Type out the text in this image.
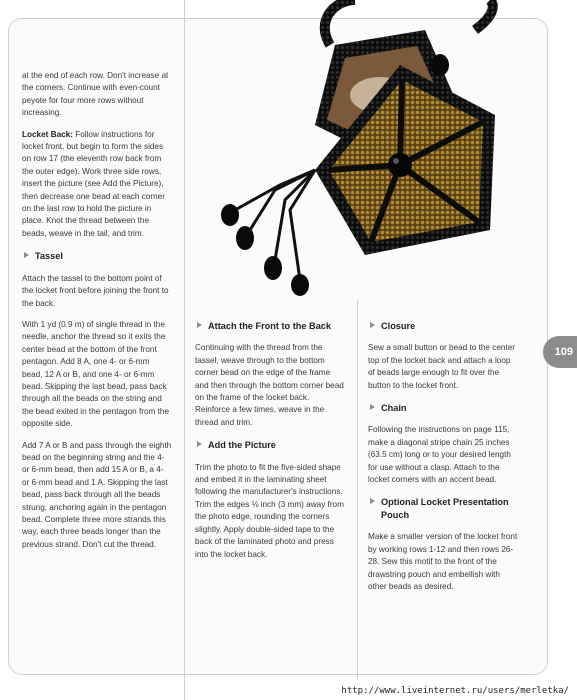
109

at the end of each row. Don't increase at the corners. Continue with even-count peyote for four more rows without increasing.

Locket Back: Follow instructions for locket front, but begin to form the sides on row 17 (the eleventh row back from the outer edge). Work three side rows, insert the picture (see Add the Picture), then decrease one bead at each corner on the last row to hold the picture in place. Knot the thread between the beads, weave in the tail, and trim.

Tassel

Attach the tassel to the bottom point of the locket front before joining the front to the back.

With 1 yd (0.9 m) of single thread in the needle, anchor the thread so it exits the center bead at the bottom of the front pentagon. Add 8 A, one 4- or 6-mm bead, 12 A or B, and one 4- or 6-mm bead. Skipping the last bead, pass back through all the beads on the string and the bead exited in the pentagon from the opposite side.

Add 7 A or B and pass through the eighth bead on the beginning string and the 4- or 6-mm bead, then add 15 A or B, a 4- or 6-mm bead and 1 A. Skipping the last bead, pass back through all the beads strung, anchoring again in the pentagon bead. Complete three more strands this way, each three beads longer than the previous strand. Don't cut the thread.

Attach the Front to the Back

Continuing with the thread from the tassel, weave through to the bottom corner bead on the edge of the frame and then through the bottom corner bead on the frame of the locket back. Reinforce a few times, weave in the thread and trim.

Add the Picture

Trim the photo to fit the five-sided shape and embed it in the laminating sheet following the manufacturer's instructions. Trim the edges ⅛ inch (3 mm) away from the photo edge, rounding the corners slightly. Apply double-sided tape to the back of the laminated photo and press into the locket back.

Closure

Sew a small button or bead to the center top of the locket back and attach a loop of beads large enough to fit over the button to the locket front.

Chain

Following the instructions on page 115, make a diagonal stripe chain 25 inches (63.5 cm) long or to your desired length for use without a clasp. Attach to the locket corners with an accent bead.

Optional Locket Presentation Pouch

Make a smaller version of the locket front by working rows 1-12 and then rows 26-28. Sew this motif to the front of the drawstring pouch and embellish with other beads as desired.

http://www.liveinternet.ru/users/merletka/
